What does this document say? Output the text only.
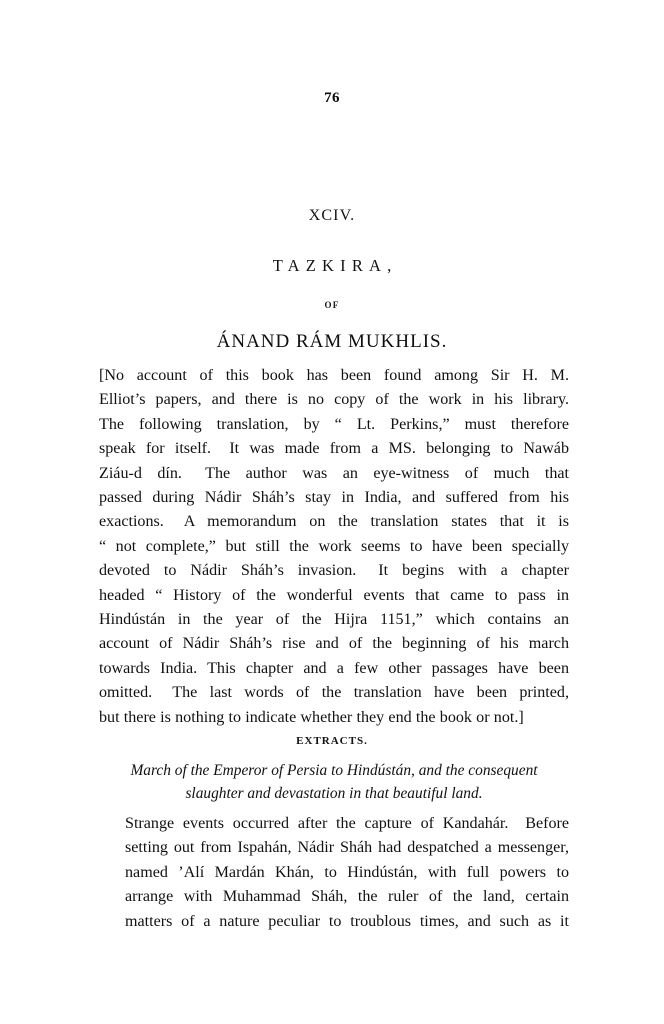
76
XCIV.
TAZKIRA,
OF
ÁNAND RÁM MUKHLIS.
[No account of this book has been found among Sir H. M.
Elliot’s papers, and there is no copy of the work in his library.
The following translation, by “ Lt. Perkins,” must therefore
speak for itself.  It was made from a MS. belonging to Nawáb
Ziáu-d dín.  The author was an eye-witness of much that
passed during Nádir Sháh’s stay in India, and suffered from his
exactions.  A memorandum on the translation states that it is
“ not complete,” but still the work seems to have been specially
devoted to Nádir Sháh’s invasion.  It begins with a chapter
headed “ History of the wonderful events that came to pass in
Hindústán in the year of the Hijra 1151,” which contains an
account of Nádir Sháh’s rise and of the beginning of his march
towards India. This chapter and a few other passages have been
omitted.  The last words of the translation have been printed,
but there is nothing to indicate whether they end the book or not.]
EXTRACTS.
March of the Emperor of Persia to Hindústán, and the consequent
slaughter and devastation in that beautiful land.
Strange events occurred after the capture of Kandahár.  Before
setting out from Ispahán, Nádir Sháh had despatched a messenger,
named ’Alí Mardán Khán, to Hindústán, with full powers to
arrange with Muhammad Sháh, the ruler of the land, certain
matters of a nature peculiar to troublous times, and such as it
